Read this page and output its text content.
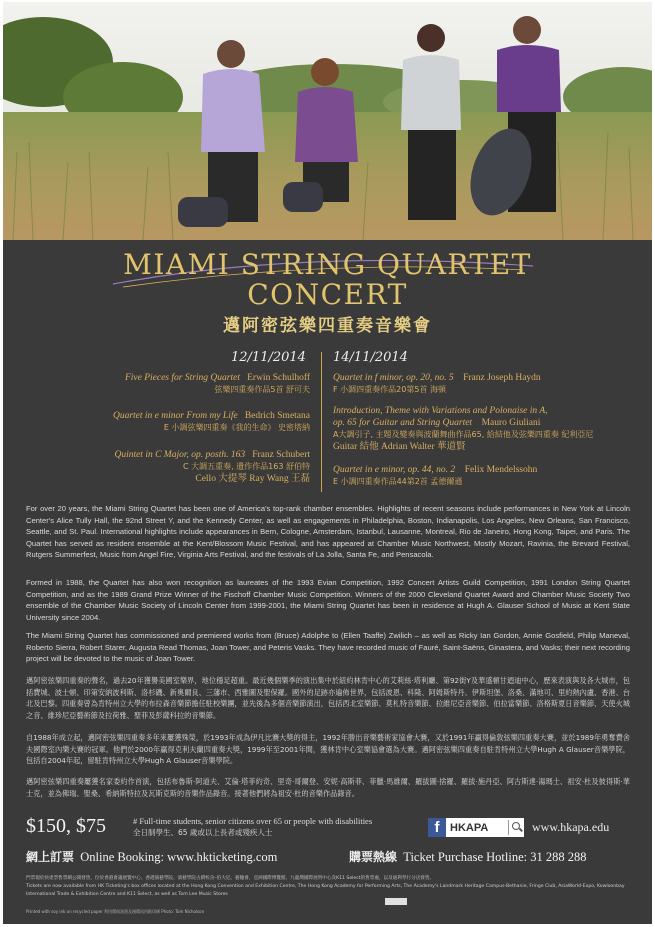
MIAMI STRING QUARTET
CONCERT
邁阿密弦樂四重奏音樂會
12/11/2014 14/11/2014
Five Pieces for String Quartet Erwin Schulhoff
弦樂四重奏作品5首 舒可夫
Quartet in e minor From my Life Bedrich Smetana
E 小調弦樂四重奏《我的生命》 史密塔納
Quintet in C Major, op. posth. 163 Franz Schubert
C 大調五重奏, 遺作作品163 舒伯特
Cello 大提琴 Ray Wang 王磊
Quartet in f minor, op. 20, no. 5 Franz Joseph Haydn
F 小調四重奏作品20第5首 海頓
Introduction, Theme with Variations and Polonaise in A,
op. 65 for Guitar and String Quartet Mauro Giuliani
A大調引子, 主題及變奏與波蘭舞曲作品65, 給結他及弦樂四重奏 紀利亞尼
Guitar 結他 Adrian Walter 華道賢
Quartet in e minor, op. 44, no. 2 Felix Mendelssohn
E 小調四重奏作品44第2首 孟德爾遜
For over 20 years, the Miami String Quartet has been one of America's top-rank chamber ensembles. Highlights of recent seasons include performances in New York at Lincoln Center's Alice Tully Hall, the 92nd Street Y, and the Kennedy Center, as well as engagements in Philadelphia, Boston, Indianapolis, Los Angeles, New Orleans, San Francisco, Seattle, and St. Paul. International highlights include appearances in Bern, Cologne, Amsterdam, Istanbul, Lausanne, Montreal, Rio de Janeiro, Hong Kong, Taipei, and Paris. The Quartet has served as resident ensemble at the Kent/Blossom Music Festival, and has appeared at Chamber Music Northwest, Mostly Mozart, Ravinia, the Brevard Festival, Rutgers Summerfest, Music from Angel Fire, Virginia Arts Festival, and the festivals of La Jolla, Santa Fe, and Pensacola.
Formed in 1988, the Quartet has also won recognition as laureates of the 1993 Evian Competition, 1992 Concert Artists Guild Competition, 1991 London String Quartet Competition, and as the 1989 Grand Prize Winner of the Fischoff Chamber Music Competition. Winners of the 2000 Cleveland Quartet Award and Chamber Music Society Two ensemble of the Chamber Music Society of Lincoln Center from 1999-2001, the Miami String Quartet has been in residence at Hugh A. Glauser School of Music at Kent State University since 2004.
The Miami String Quartet has commissioned and premiered works from (Bruce) Adolphe to (Ellen Taaffe) Zwilich – as well as Ricky Ian Gordon, Annie Gosfield, Philip Maneval, Roberto Sierra, Robert Starer, Augusta Read Thomas, Joan Tower, and Peteris Vasks. They have recorded music of Fauré, Saint-Saëns, Ginastera, and Vasks; their next recording project will be devoted to the music of Joan Tower.
邁阿密弦樂四重奏的聲名，過去20年獲譽美國室樂界，地位穩足超重。最近幾個樂季的演出集中於紐約林肯中心的艾莉絲·塔利廳、第92街Y及華盛頓甘迺迪中心，歷來表演與及各大城市，包括費城、波士頓、印第安納波利斯、洛杉磯、新奧爾良、三藩市、西雅圖及聖保羅。國外的足跡亦遍佈世界，包括波恩、科隆、阿姆斯特丹、伊斯坦堡、洛桑、滿地可、里約熱內盧、香港、台北及巴黎。四重奏曾為肯特州立大學的布拉森音樂節擔任駐校樂團，並先後為多個音樂節演出，包括西北室樂節、莫札特音樂節、拉維尼亞音樂節、伯拉當樂節、洛格斯夏日音樂節、天使火城之音、維珍尼亞藝術節及拉荷雅、聖菲及彭薩科拉的音樂節。
自1988年成立起，邁阿密弦樂四重奏多年來屢獲殊榮，於1993年成為伊凡比賽大獎的得主，1992年勝出音樂藝術家協會大賽，又於1991年贏得倫敦弦樂四重奏大賽，並於1989年勇奪費舍夫國際室內樂大賽的冠軍。他們於2000年贏得克利夫蘭四重奏大獎，1999年至2001年間，獲林肯中心室樂協會選為大賽。邁阿密弦樂四重奏自駐肯特州立大學Hugh A Glauser音樂學院，包括自2004年起，留駐肯特州立大學Hugh A Glauser音樂學院。
邁阿密弦樂四重奏屢獲名家委約作首演，包括布魯斯·阿道夫、艾倫·塔菲約奇、里奇·哥爾登、安妮·高斯菲、菲臘·馬維爾、羅拔圖·捨羅、羅拔·施丹亞、阿古斯達·湯瑪士、祖安·杜及彼得斯·華士克，並為佛瑞、聖桑、希納斯特拉及瓦斯克斯的音樂作品錄音。接著他們將為祖安·杜的音樂作品錄音。
$150, $75	# Full-time students, senior citizens over 65 or people with disabilities
全日制學生、65 歲或以上長者或殘疾人士	f HKAPA	www.hkapa.edu
網上訂票 Online Booking: www.hkticketing.com	購票熱線 Ticket Purchase Hotline: 31 288 288
門票現於快達票售票網公開發售，位於香港會議展覽中心、香港演藝學院、演藝學院古蹟校舍–伯大尼、藝穗會、亞洲國際博覽館、九龍灣國際展貿中心及K11 Select的售票處，以及通利琴行分店發售。
Tickets are now available from HK Ticketing's box offices located at the Hong Kong Convention and Exhibition Centre, The Hong Kong Academy for Performing Arts, The Academy's Landmark Heritage Campus-Bethanie, Fringe Club, AsiaWorld-Expo, Kowloonbay International Trade & Exhibition Centre and K11 Select, as well as Tom Lee Music Stores
Printed with soy ink on recycled paper 利用環保油墨及循環再用紙印刷 Photo: Tom Nicholson
